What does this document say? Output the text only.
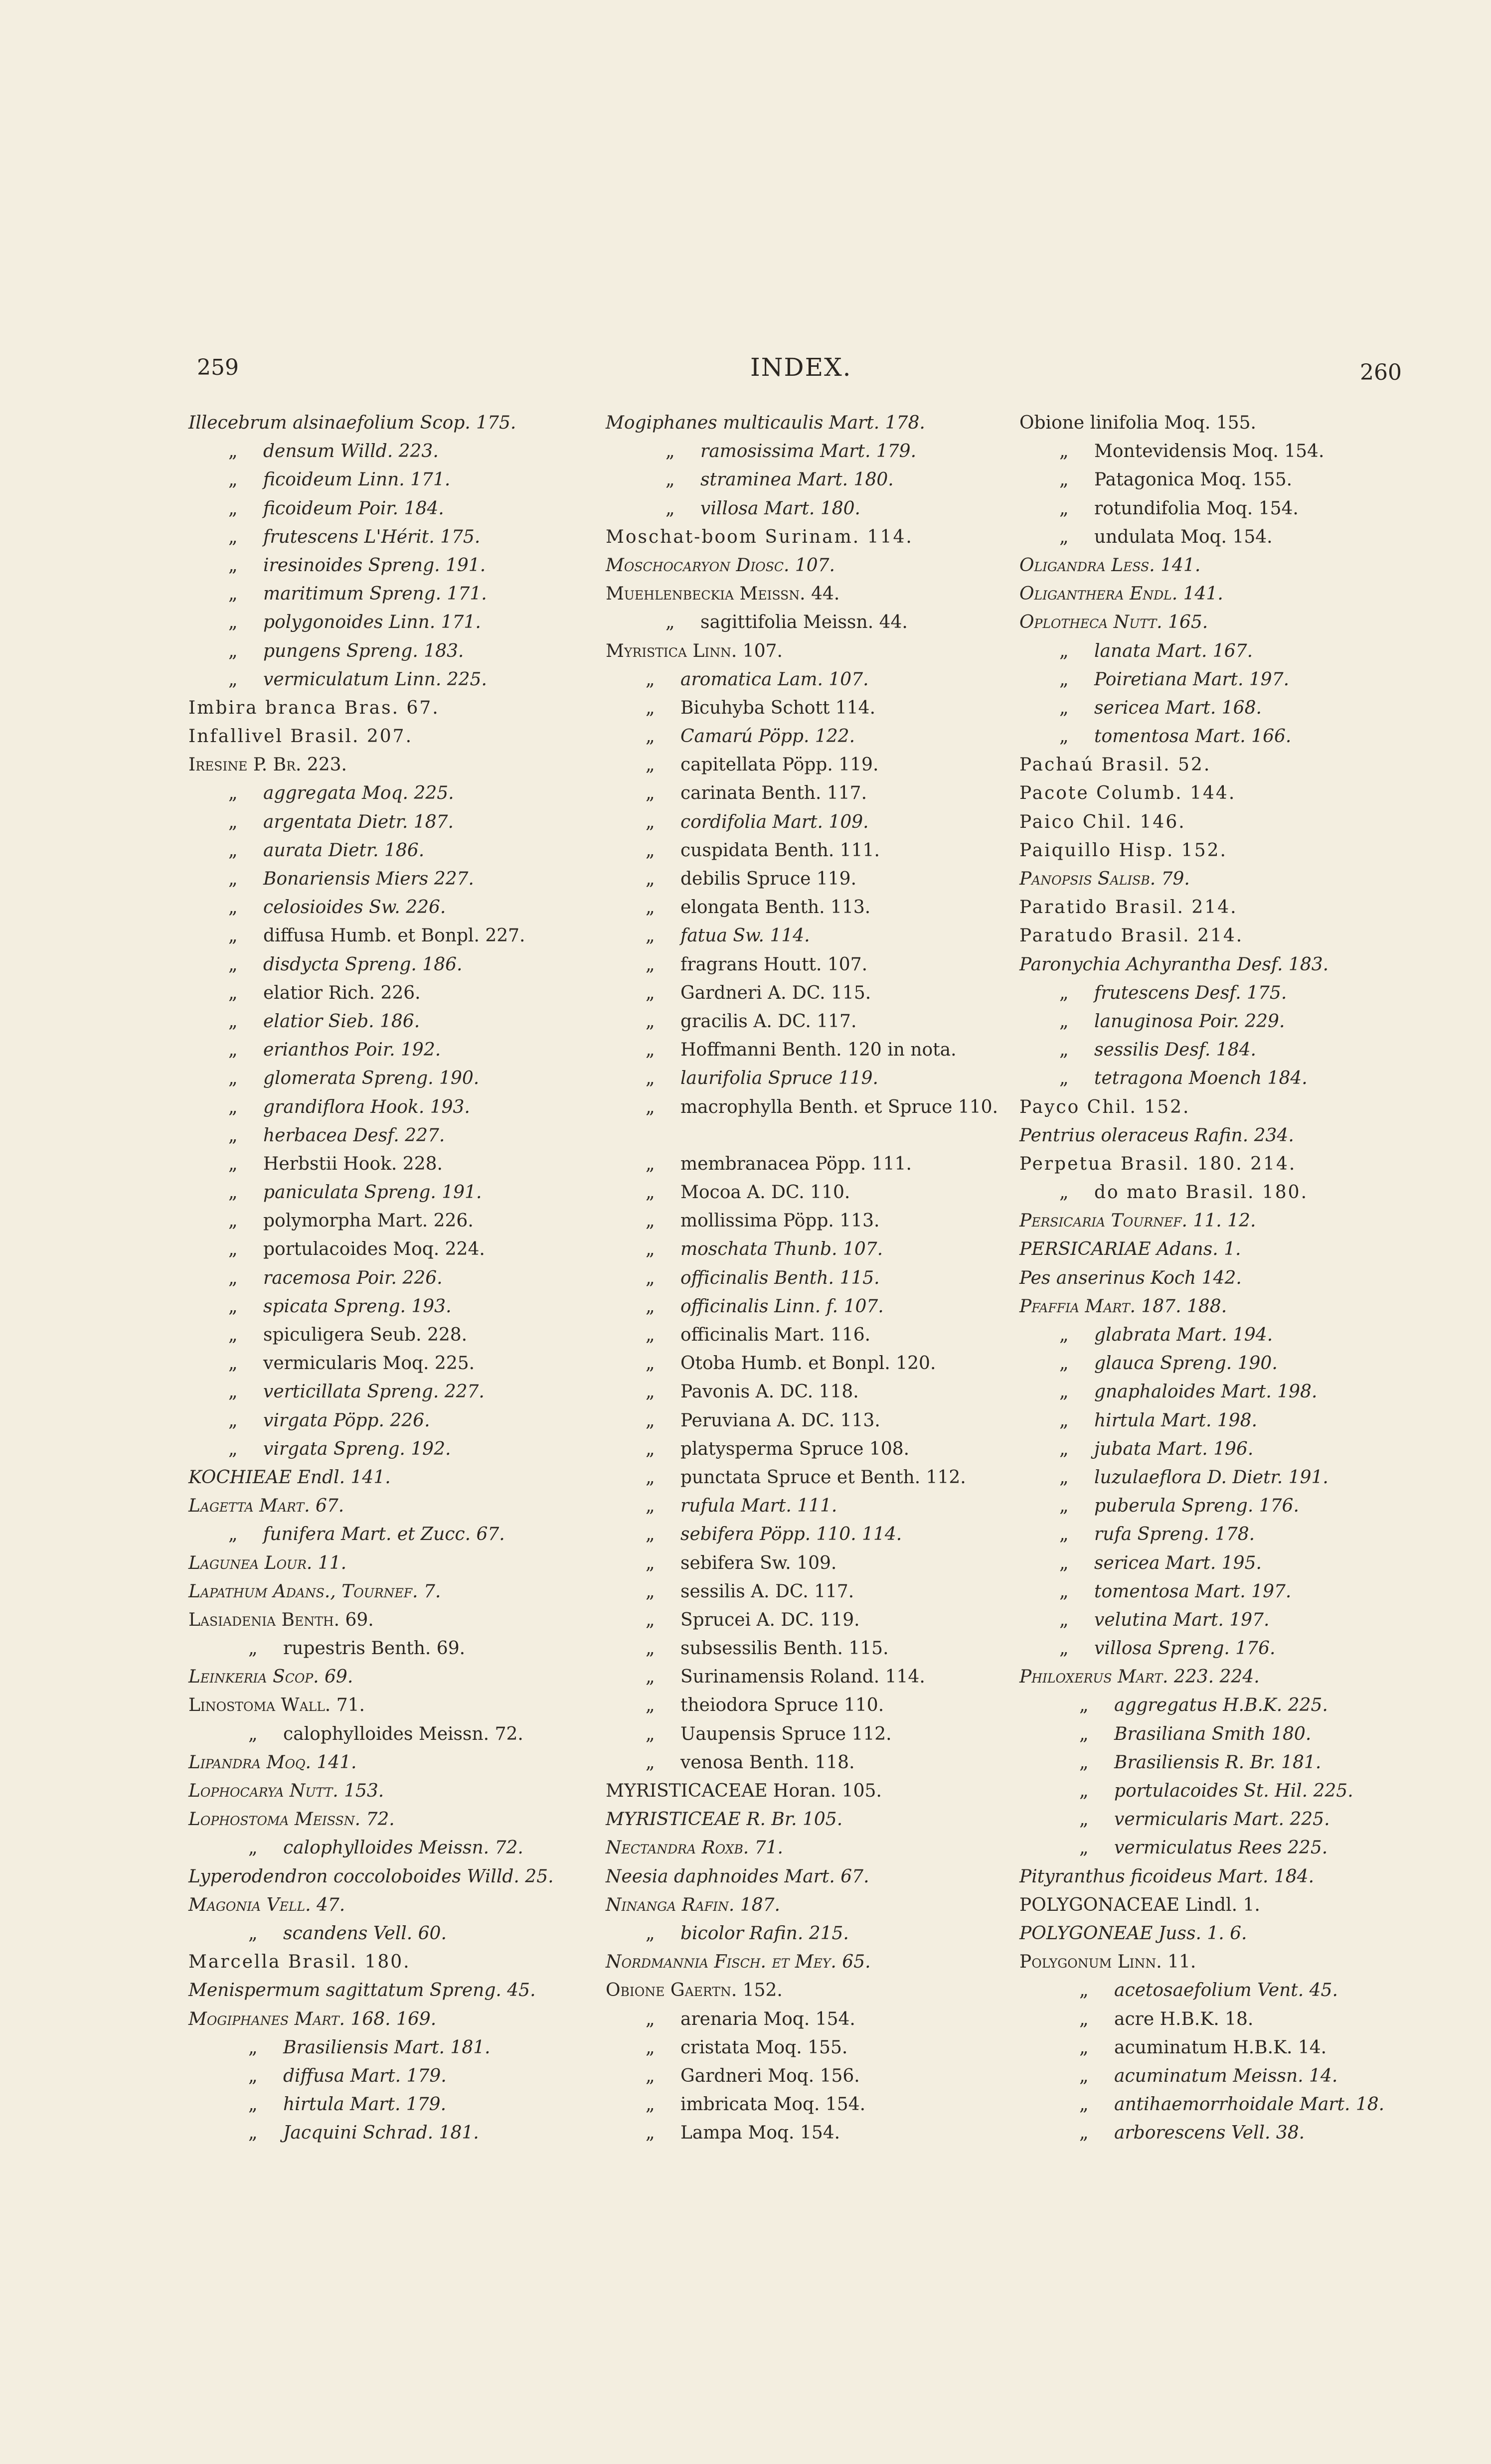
259	INDEX.	260
Illecebrum alsinaefolium Scop. 175.
„ densum Willd. 223.
„ ficoideum Linn. 171.
„ ficoideum Poir. 184.
„ frutescens L'Hérit. 175.
„ iresinoides Spreng. 191.
„ maritimum Spreng. 171.
„ polygonoides Linn. 171.
„ pungens Spreng. 183.
„ vermiculatum Linn. 225.
Imbira branca Bras. 67.
Infallivel Brasil. 207.
Iresine P. Br. 223.
„ aggregata Moq. 225.
„ argentata Dietr. 187.
„ aurata Dietr. 186.
„ Bonariensis Miers 227.
„ celosioides Sw. 226.
„ diffusa Humb. et Bonpl. 227.
„ disdycta Spreng. 186.
„ elatior Rich. 226.
„ elatior Sieb. 186.
„ erianthos Poir. 192.
„ glomerata Spreng. 190.
„ grandiflora Hook. 193.
„ herbacea Desf. 227.
„ Herbstii Hook. 228.
„ paniculata Spreng. 191.
„ polymorpha Mart. 226.
„ portulacoides Moq. 224.
„ racemosa Poir. 226.
„ spicata Spreng. 193.
„ spiculigera Seub. 228.
„ vermicularis Moq. 225.
„ verticillata Spreng. 227.
„ virgata Pöpp. 226.
„ virgata Spreng. 192.
KOCHIEAE Endl. 141.
Lagetta Mart. 67.
„ funifera Mart. et Zucc. 67.
Lagunea Lour. 11.
Lapathum Adans., Tournef. 7.
Lasiadenia Benth. 69.
„ rupestris Benth. 69.
Leinkeria Scop. 69.
Linostoma Wall. 71.
„ calophylloides Meissn. 72.
Lipandra Moq. 141.
Lophocarya Nutt. 153.
Lophostoma Meissn. 72.
„ calophylloides Meissn. 72.
Lyperodendron coccoloboides Willd. 25.
Magonia Vell. 47.
„ scandens Vell. 60.
Marcella Brasil. 180.
Menispermum sagittatum Spreng. 45.
Mogiphanes Mart. 168. 169.
„ Brasiliensis Mart. 181.
„ diffusa Mart. 179.
„ hirtula Mart. 179.
„ Jacquini Schrad. 181.
Mogiphanes multicaulis Mart. 178.
„ ramosissima Mart. 179.
„ straminea Mart. 180.
„ villosa Mart. 180.
Moschat-boom Surinam. 114.
Moschocaryon Diosc. 107.
Muehlenbeckia Meissn. 44.
„ sagittifolia Meissn. 44.
Myristica Linn. 107.
„ aromatica Lam. 107.
„ Bicuhyba Schott 114.
„ Camarú Pöpp. 122.
„ capitellata Pöpp. 119.
„ carinata Benth. 117.
„ cordifolia Mart. 109.
„ cuspidata Benth. 111.
„ debilis Spruce 119.
„ elongata Benth. 113.
„ fatua Sw. 114.
„ fragrans Houtt. 107.
„ Gardneri A. DC. 115.
„ gracilis A. DC. 117.
„ Hoffmanni Benth. 120 in nota.
„ laurifolia Spruce 119.
„ macrophylla Benth. et Spruce 110.
„ membranacea Pöpp. 111.
„ Mocoa A. DC. 110.
„ mollissima Pöpp. 113.
„ moschata Thunb. 107.
„ officinalis Benth. 115.
„ officinalis Linn. f. 107.
„ officinalis Mart. 116.
„ Otoba Humb. et Bonpl. 120.
„ Pavonis A. DC. 118.
„ Peruviana A. DC. 113.
„ platysperma Spruce 108.
„ punctata Spruce et Benth. 112.
„ rufula Mart. 111.
„ sebifera Pöpp. 110. 114.
„ sebifera Sw. 109.
„ sessilis A. DC. 117.
„ Sprucei A. DC. 119.
„ subsessilis Benth. 115.
„ Surinamensis Roland. 114.
„ theiodora Spruce 110.
„ Uaupensis Spruce 112.
„ venosa Benth. 118.
MYRISTICACEAE Horan. 105.
MYRISTICEAE R. Br. 105.
Nectandra Roxb. 71.
Neesia daphnoides Mart. 67.
Ninanga Rafin. 187.
„ bicolor Rafin. 215.
Nordmannia Fisch. et Mey. 65.
Obione Gaertn. 152.
„ arenaria Moq. 154.
„ cristata Moq. 155.
„ Gardneri Moq. 156.
„ imbricata Moq. 154.
„ Lampa Moq. 154.
Obione linifolia Moq. 155.
„ Montevidensis Moq. 154.
„ Patagonica Moq. 155.
„ rotundifolia Moq. 154.
„ undulata Moq. 154.
Oligandra Less. 141.
Oliganthera Endl. 141.
Oplotheca Nutt. 165.
„ lanata Mart. 167.
„ Poiretiana Mart. 197.
„ sericea Mart. 168.
„ tomentosa Mart. 166.
Pachaú Brasil. 52.
Pacote Columb. 144.
Paico Chil. 146.
Paiquillo Hisp. 152.
Panopsis Salisb. 79.
Paratido Brasil. 214.
Paratudo Brasil. 214.
Paronychia Achyrantha Desf. 183.
„ frutescens Desf. 175.
„ lanuginosa Poir. 229.
„ sessilis Desf. 184.
„ tetragona Moench 184.
Payco Chil. 152.
Pentrius oleraceus Rafin. 234.
Perpetua Brasil. 180. 214.
„ do mato Brasil. 180.
Persicaria Tournef. 11. 12.
PERSICARIAE Adans. 1.
Pes anserinus Koch 142.
Pfaffia Mart. 187. 188.
„ glabrata Mart. 194.
„ glauca Spreng. 190.
„ gnaphaloides Mart. 198.
„ hirtula Mart. 198.
„ jubata Mart. 196.
„ luzulaeflora D. Dietr. 191.
„ puberula Spreng. 176.
„ rufa Spreng. 178.
„ sericea Mart. 195.
„ tomentosa Mart. 197.
„ velutina Mart. 197.
„ villosa Spreng. 176.
Philoxerus Mart. 223. 224.
„ aggregatus H.B.K. 225.
„ Brasiliana Smith 180.
„ Brasiliensis R. Br. 181.
„ portulacoides St. Hil. 225.
„ vermicularis Mart. 225.
„ vermiculatus Rees 225.
Pityranthus ficoideus Mart. 184.
POLYGONACEAE Lindl. 1.
POLYGONEAE Juss. 1. 6.
Polygonum Linn. 11.
„ acetosaefolium Vent. 45.
„ acre H.B.K. 18.
„ acuminatum H.B.K. 14.
„ acuminatum Meissn. 14.
„ antihaemorrhoidale Mart. 18.
„ arborescens Vell. 38.
